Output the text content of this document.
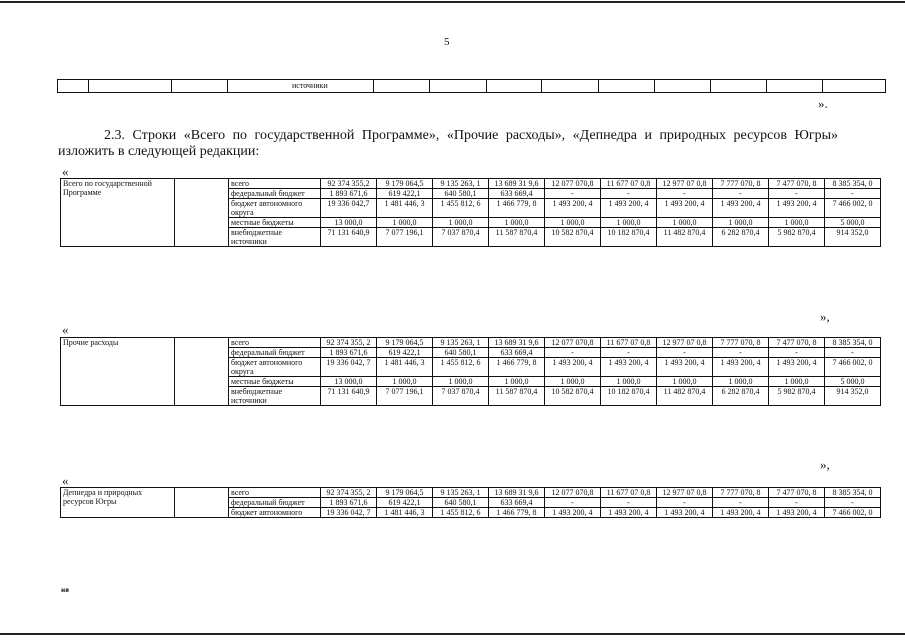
5
источники
».
2.3. Строки «Всего по государственной Программе», «Прочие расходы», «Депнедра и природных ресурсов Югры» изложить в следующей редакции:
«
Всего по государственной Программе		всего	92 374 355,2	9 179 064,5	9 135 263, 1	13 689 31 9,6	12 077 070,8	11 677 07 0,8	12 977 07 0,8	7 777 070, 8	7 477 070, 8	8 385 354, 0
		федеральный бюджет	1 893 671,6	619 422,1	640 580,1	633 669,4	-	-	-	-	-	-
		бюджет автономного округа	19 336 042,7	1 481 446, 3	1 455 812, 6	1 466 779, 8	1 493 200, 4	1 493 200, 4	1 493 200, 4	1 493 200, 4	1 493 200, 4	7 466 002, 0
		местные бюджеты	13 000,0	1 000,0	1 000,0	1 000,0	1 000,0	1 000,0	1 000,0	1 000,0	1 000,0	5 000,0
		внебюджетные источники	71 131 640,9	7 077 196,1	7 037 870,4	11 587 870,4	10 582 870,4	10 182 870,4	11 482 870,4	6 282 870,4	5 982 870,4	914 352,0
»,
«
Прочие расходы		всего	92 374 355, 2	9 179 064,5	9 135 263, 1	13 689 31 9,6	12 077 070,8	11 677 07 0,8	12 977 07 0,8	7 777 070, 8	7 477 070, 8	8 385 354, 0
		федеральный бюджет	1 893 671,6	619 422,1	640 580,1	633 669,4	-	-	-	-	-	-
		бюджет автономного округа	19 336 042, 7	1 481 446, 3	1 455 812, 6	1 466 779, 8	1 493 200, 4	1 493 200, 4	1 493 200, 4	1 493 200, 4	1 493 200, 4	7 466 002, 0
		местные бюджеты	13 000,0	1 000,0	1 000,0	1 000,0	1 000,0	1 000,0	1 000,0	1 000,0	1 000,0	5 000,0
		внебюджетные источники	71 131 640,9	7 077 196,1	7 037 870,4	11 587 870,4	10 582 870,4	10 182 870,4	11 482 870,4	6 282 870,4	5 982 870,4	914 352,0
»,
«
Депнедра и природных ресурсов Югры		всего	92 374 355, 2	9 179 064,5	9 135 263, 1	13 689 31 9,6	12 077 070,8	11 677 07 0,8	12 977 07 0,8	7 777 070, 8	7 477 070, 8	8 385 354, 0
		федеральный бюджет	1 893 671,6	619 422,1	640 580,1	633 669,4	-	-	-	-	-	-
		бюджет автономного	19 336 042, 7	1 481 446, 3	1 455 812, 6	1 466 779, 8	1 493 200, 4	1 493 200, 4	1 493 200, 4	1 493 200, 4	1 493 200, 4	7 466 002, 0
ня
